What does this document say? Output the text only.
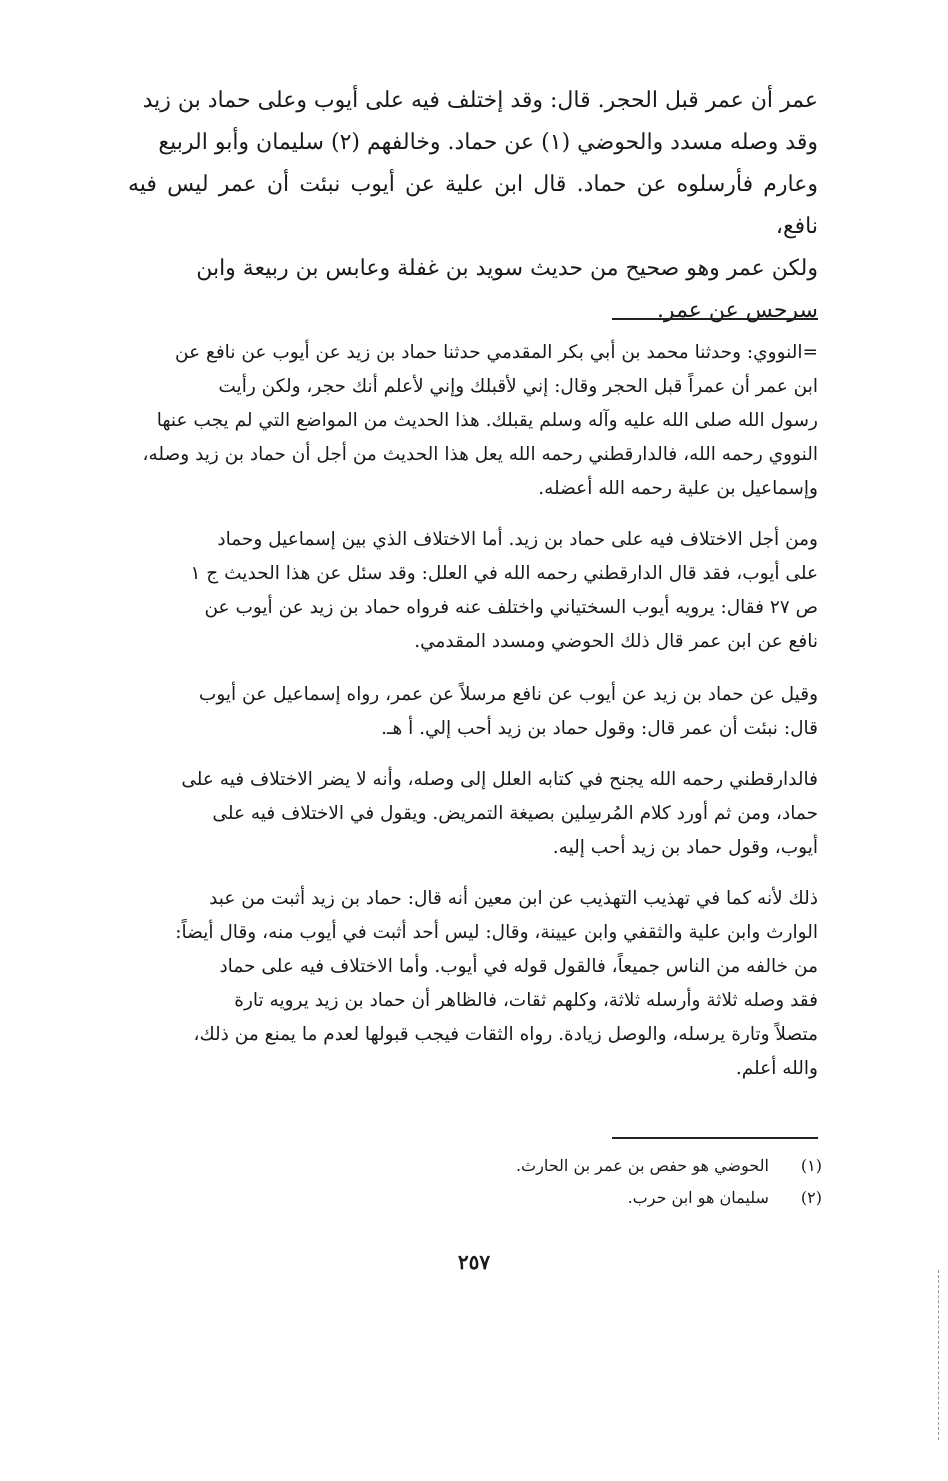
عمر أن عمر قبل الحجر. قال: وقد إختلف فيه على أيوب وعلى حماد بن زيد
وقد وصله مسدد والحوضي (١) عن حماد. وخالفهم (٢) سليمان وأبو الربيع
وعارم فأرسلوه عن حماد. قال ابن علية عن أيوب نبئت أن عمر ليس فيه نافع،
ولكن عمر وهو صحيح من حديث سويد بن غفلة وعابس بن ربيعة وابن
سرجس عن عمر.
=النووي: وحدثنا محمد بن أبي بكر المقدمي حدثنا حماد بن زيد عن أيوب عن نافع عن
ابن عمر أن عمراً قبل الحجر وقال: إني لأقبلك وإني لأعلم أنك حجر، ولكن رأيت
رسول الله صلى الله عليه وآله وسلم يقبلك. هذا الحديث من المواضع التي لم يجب عنها
النووي رحمه الله، فالدارقطني رحمه الله يعل هذا الحديث من أجل أن حماد بن زيد وصله،
وإسماعيل بن علية رحمه الله أعضله.
ومن أجل الاختلاف فيه على حماد بن زيد. أما الاختلاف الذي بين إسماعيل وحماد
على أيوب، فقد قال الدارقطني رحمه الله في العلل: وقد سئل عن هذا الحديث ج ١
ص ٢٧ فقال: يرويه أيوب السختياني واختلف عنه فرواه حماد بن زيد عن أيوب عن
نافع عن ابن عمر قال ذلك الحوضي ومسدد المقدمي.
وقيل عن حماد بن زيد عن أيوب عن نافع مرسلاً عن عمر، رواه إسماعيل عن أيوب
قال: نبئت أن عمر قال: وقول حماد بن زيد أحب إلي. أ هـ.
فالدارقطني رحمه الله يجنح في كتابه العلل إلى وصله، وأنه لا يضر الاختلاف فيه على
حماد، ومن ثم أورد كلام المُرسِلين بصيغة التمريض. ويقول في الاختلاف فيه على
أيوب، وقول حماد بن زيد أحب إليه.
ذلك لأنه كما في تهذيب التهذيب عن ابن معين أنه قال: حماد بن زيد أثبت من عبد
الوارث وابن علية والثقفي وابن عيينة، وقال: ليس أحد أثبت في أيوب منه، وقال أيضاً:
من خالفه من الناس جميعاً، فالقول قوله في أيوب. وأما الاختلاف فيه على حماد
فقد وصله ثلاثة وأرسله ثلاثة، وكلهم ثقات، فالظاهر أن حماد بن زيد يرويه تارة
متصلاً وتارة يرسله، والوصل زيادة. رواه الثقات فيجب قبولها لعدم ما يمنع من ذلك،
والله أعلم.
(١) الحوضي هو حفص بن عمر بن الحارث.
(٢) سليمان هو ابن حرب.
٢٥٧
